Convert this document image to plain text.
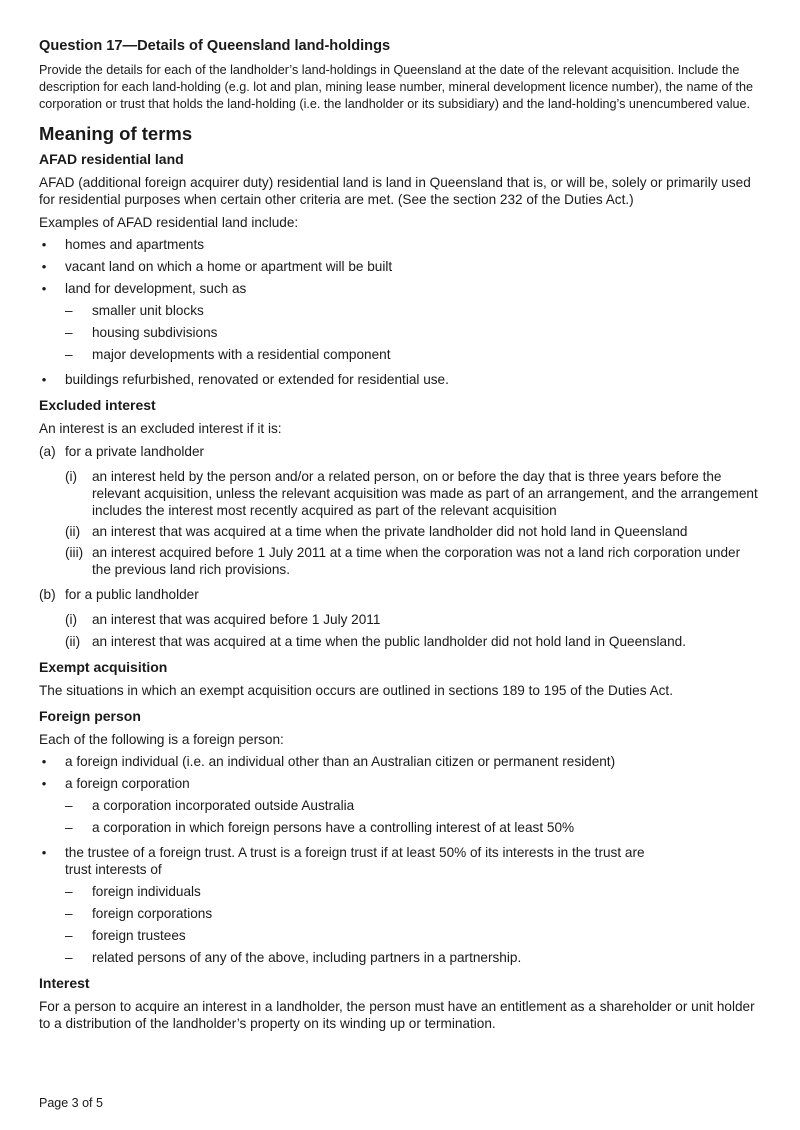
Question 17—Details of Queensland land-holdings

Provide the details for each of the landholder’s land-holdings in Queensland at the date of the relevant acquisition. Include the description for each land-holding (e.g. lot and plan, mining lease number, mineral development licence number), the name of the corporation or trust that holds the land-holding (i.e. the landholder or its subsidiary) and the land-holding’s unencumbered value.

Meaning of terms
AFAD residential land

AFAD (additional foreign acquirer duty) residential land is land in Queensland that is, or will be, solely or primarily used for residential purposes when certain other criteria are met. (See the section 232 of the Duties Act.)

Examples of AFAD residential land include:

• homes and apartments
• vacant land on which a home or apartment will be built
• land for development, such as
– smaller unit blocks
– housing subdivisions
– major developments with a residential component
• buildings refurbished, renovated or extended for residential use.
Excluded interest

An interest is an excluded interest if it is:

(a) for a private landholder
(i) an interest held by the person and/or a related person, on or before the day that is three years before the relevant acquisition, unless the relevant acquisition was made as part of an arrangement, and the arrangement includes the interest most recently acquired as part of the relevant acquisition
(ii) an interest that was acquired at a time when the private landholder did not hold land in Queensland
(iii) an interest acquired before 1 July 2011 at a time when the corporation was not a land rich corporation under the previous land rich provisions.
(b) for a public landholder
(i) an interest that was acquired before 1 July 2011
(ii) an interest that was acquired at a time when the public landholder did not hold land in Queensland.
Exempt acquisition

The situations in which an exempt acquisition occurs are outlined in sections 189 to 195 of the Duties Act.

Foreign person

Each of the following is a foreign person:

• a foreign individual (i.e. an individual other than an Australian citizen or permanent resident)
• a foreign corporation
– a corporation incorporated outside Australia
– a corporation in which foreign persons have a controlling interest of at least 50%
• the trustee of a foreign trust. A trust is a foreign trust if at least 50% of its interests in the trust are
trust interests of
– foreign individuals
– foreign corporations
– foreign trustees
– related persons of any of the above, including partners in a partnership.
Interest

For a person to acquire an interest in a landholder, the person must have an entitlement as a shareholder or unit holder to a distribution of the landholder’s property on its winding up or termination.

Page 3 of 5
